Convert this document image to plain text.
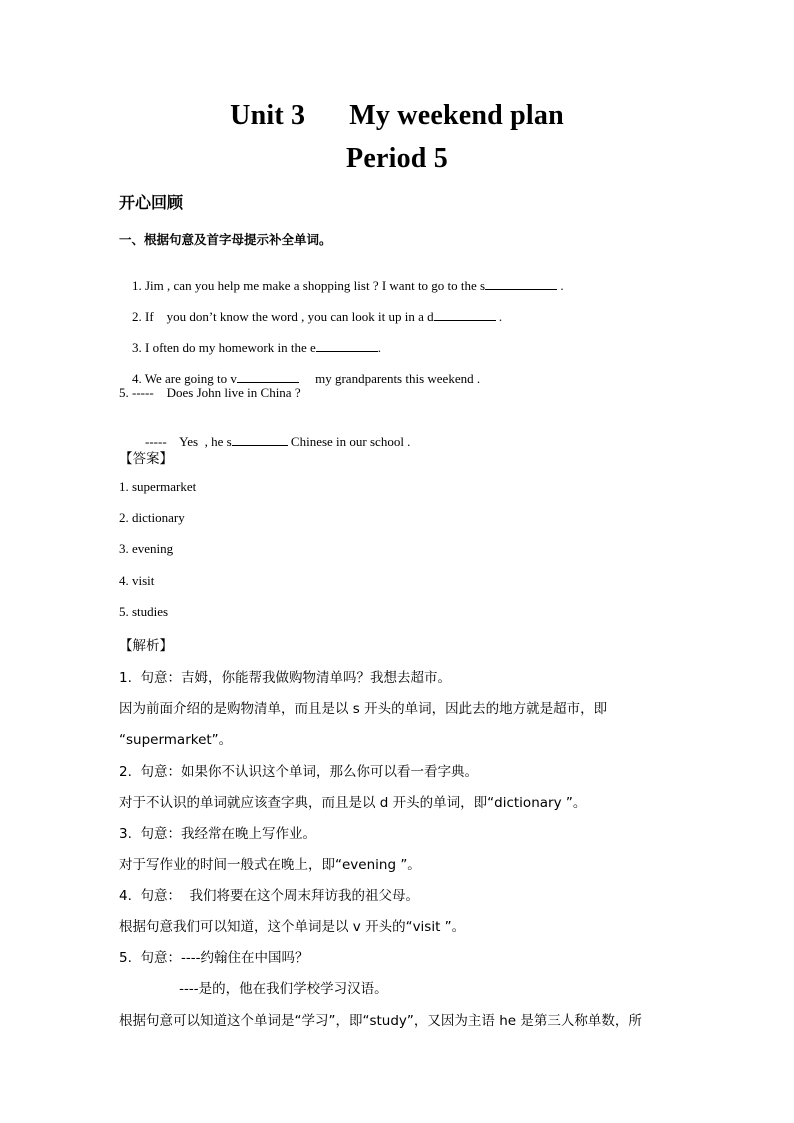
Unit 3 My weekend plan
Period 5
开心回顾
一、根据句意及首字母提示补全单词。

1. Jim , can you help me make a shopping list ? I want to go to the s	.

2. If    you don’t know the word , you can look it up in a d	.

3. I often do my homework in the e	.

4. We are going to v	my grandparents this weekend .

5. -----    Does John live in China ?

-----    Yes  , he s	Chinese in our school .

【答案】
1. supermarket
2. dictionary
3. evening
4. visit
5. studies
【解析】
1.  句意：吉姆，你能帮我做购物清单吗？我想去超市。
因为前面介绍的是购物清单，而且是以 s 开头的单词，因此去的地方就是超市，即
“supermarket”。
2.  句意：如果你不认识这个单词，那么你可以看一看字典。
对于不认识的单词就应该查字典，而且是以 d 开头的单词，即“dictionary ”。
3.  句意：我经常在晚上写作业。
对于写作业的时间一般式在晚上，即“evening ”。
4.  句意：  我们将要在这个周末拜访我的祖父母。
根据句意我们可以知道，这个单词是以 v 开头的“visit ”。
5.  句意：----约翰住在中国吗？
----是的，他在我们学校学习汉语。
根据句意可以知道这个单词是“学习”，即“study”，又因为主语 he 是第三人称单数，所
